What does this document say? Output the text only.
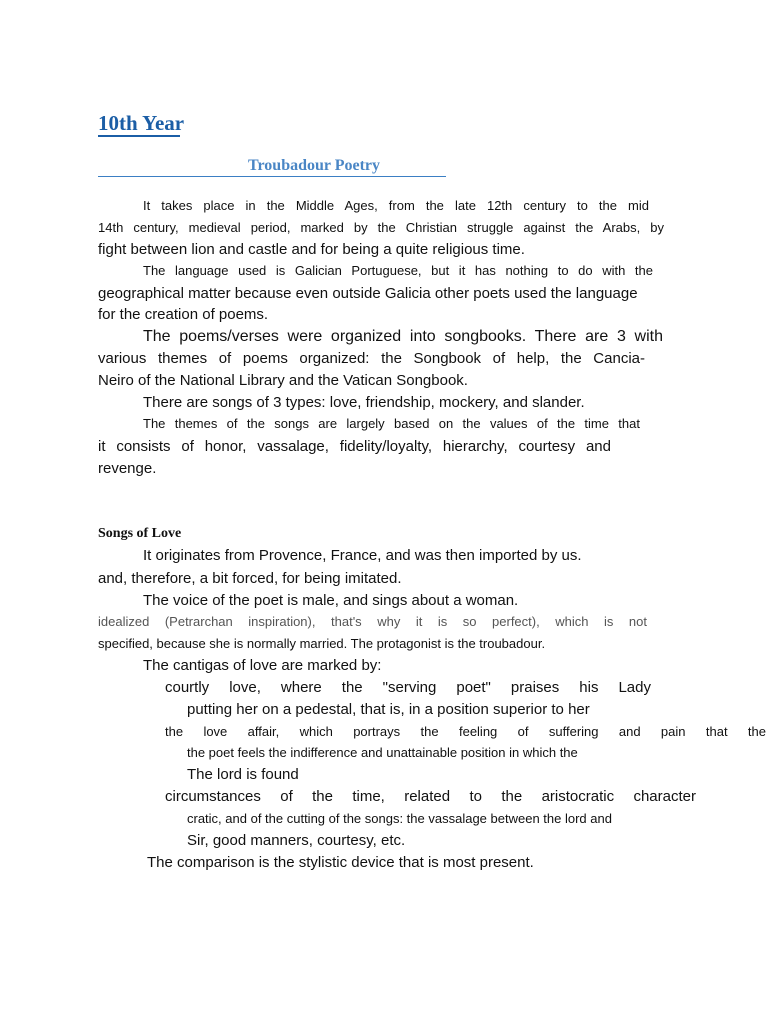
10th Year
Troubadour Poetry
It takes place in the Middle Ages, from the late 12th century to the mid
14th century, medieval period, marked by the Christian struggle against the Arabs, by
fight between lion and castle and for being a quite religious time.
The language used is Galician Portuguese, but it has nothing to do with the
geographical matter because even outside Galicia other poets used the language
for the creation of poems.
The poems/verses were organized into songbooks. There are 3 with
various themes of poems organized: the Songbook of help, the Cancia-
Neiro of the National Library and the Vatican Songbook.
There are songs of 3 types: love, friendship, mockery, and slander.
The themes of the songs are largely based on the values of the time that
it consists of honor, vassalage, fidelity/loyalty, hierarchy, courtesy and
revenge.
Songs of Love
It originates from Provence, France, and was then imported by us.
and, therefore, a bit forced, for being imitated.
The voice of the poet is male, and sings about a woman.
idealized (Petrarchan inspiration), that's why it is so perfect), which is not
specified, because she is normally married. The protagonist is the troubadour.
The cantigas of love are marked by:
courtly love, where the "serving poet" praises his Lady
putting her on a pedestal, that is, in a position superior to her
the love affair, which portrays the feeling of suffering and pain that the
the poet feels the indifference and unattainable position in which the
The lord is found
circumstances of the time, related to the aristocratic character
cratic, and of the cutting of the songs: the vassalage between the lord and
Sir, good manners, courtesy, etc.
The comparison is the stylistic device that is most present.
